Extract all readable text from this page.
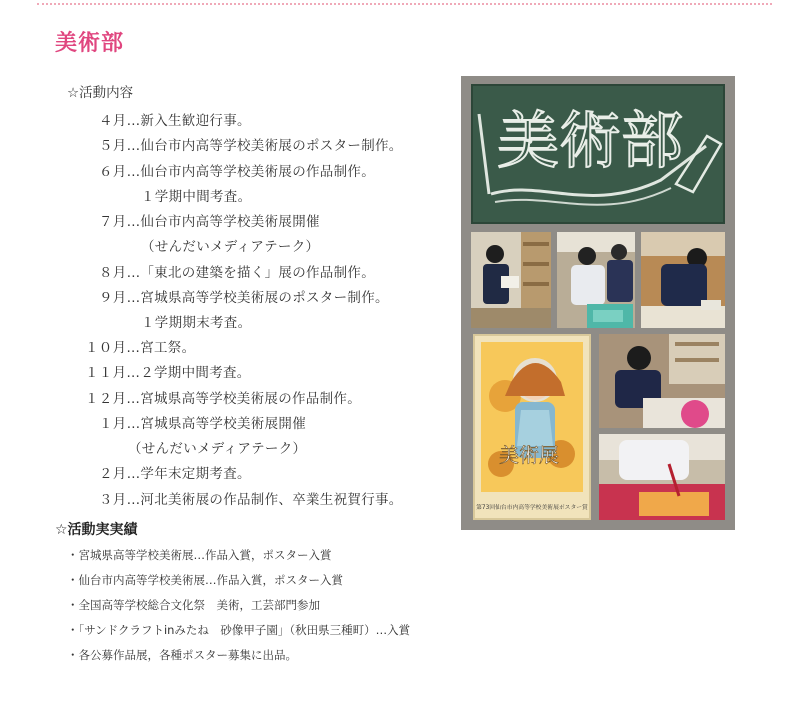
美術部
☆活動内容
４月…新入生歓迎行事。
５月…仙台市内高等学校美術展のポスター制作。
６月…仙台市内高等学校美術展の作品制作。
１学期中間考査。
７月…仙台市内高等学校美術展開催
（せんだいメディアテーク）
８月…「東北の建築を描く」展の作品制作。
９月…宮城県高等学校美術展のポスター制作。
１学期期末考査。
１０月…宮工祭。
１１月…２学期中間考査。
１２月…宮城県高等学校美術展の作品制作。
１月…宮城県高等学校美術展開催
（せんだいメディアテーク）
２月…学年末定期考査。
３月…河北美術展の作品制作、卒業生祝賀行事。
☆活動実実績
・宮城県高等学校美術展…作品入賞，ポスター入賞
・仙台市内高等学校美術展…作品入賞，ポスター入賞
・全国高等学校総合文化祭　美術，工芸部門参加
・「サンドクラフトinみたね　砂像甲子園」（秋田県三種町）…入賞
・各公募作品展，各種ポスター募集に出品。
美術部
美術展
第73回仙台市内高等学校美術展ポスター賞
